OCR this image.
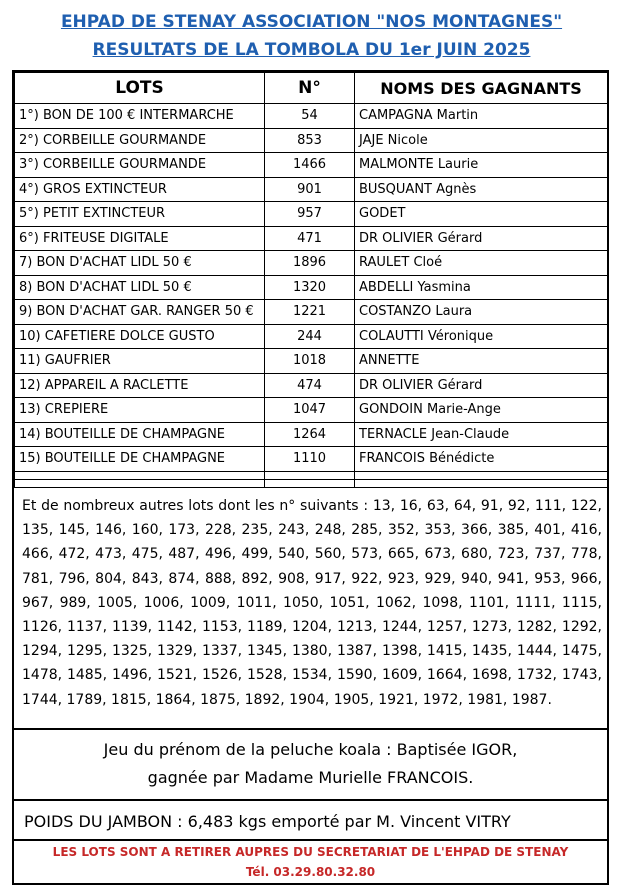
EHPAD DE STENAY ASSOCIATION "NOS MONTAGNES"
RESULTATS DE LA TOMBOLA DU 1er JUIN 2025
LOTS	N°	NOMS DES GAGNANTS
1°) BON DE 100 € INTERMARCHE	54	CAMPAGNA Martin
2°) CORBEILLE GOURMANDE	853	JAJE Nicole
3°) CORBEILLE GOURMANDE	1466	MALMONTE Laurie
4°) GROS EXTINCTEUR	901	BUSQUANT Agnès
5°) PETIT EXTINCTEUR	957	GODET
6°) FRITEUSE DIGITALE	471	DR OLIVIER Gérard
7) BON D'ACHAT LIDL 50 €	1896	RAULET Cloé
8) BON D'ACHAT LIDL 50 €	1320	ABDELLI Yasmina
9) BON D'ACHAT GAR. RANGER 50 €	1221	COSTANZO Laura
10) CAFETIERE DOLCE GUSTO	244	COLAUTTI Véronique
11) GAUFRIER	1018	ANNETTE
12) APPAREIL A RACLETTE	474	DR OLIVIER Gérard
13) CREPIERE	1047	GONDOIN Marie-Ange
14) BOUTEILLE DE CHAMPAGNE	1264	TERNACLE Jean-Claude
15) BOUTEILLE DE CHAMPAGNE	1110	FRANCOIS Bénédicte

Et de nombreux autres lots dont les n° suivants : 13, 16, 63, 64, 91, 92, 111, 122, 135, 145, 146, 160, 173, 228, 235, 243, 248, 285, 352, 353, 366, 385, 401, 416, 466, 472, 473, 475, 487, 496, 499, 540, 560, 573, 665, 673, 680, 723, 737, 778, 781, 796, 804, 843, 874, 888, 892, 908, 917, 922, 923, 929, 940, 941, 953, 966, 967, 989, 1005, 1006, 1009, 1011, 1050, 1051, 1062, 1098, 1101, 1111, 1115, 1126, 1137, 1139, 1142, 1153, 1189, 1204, 1213, 1244, 1257, 1273, 1282, 1292, 1294, 1295, 1325, 1329, 1337, 1345, 1380, 1387, 1398, 1415, 1435, 1444, 1475, 1478, 1485, 1496, 1521, 1526, 1528, 1534, 1590, 1609, 1664, 1698, 1732, 1743, 1744, 1789, 1815, 1864, 1875, 1892, 1904, 1905, 1921, 1972, 1981, 1987.
Jeu du prénom de la peluche koala : Baptisée IGOR,
gagnée par Madame Murielle FRANCOIS.
POIDS DU JAMBON : 6,483 kgs emporté par M. Vincent VITRY
LES LOTS SONT A RETIRER AUPRES DU SECRETARIAT DE L'EHPAD DE STENAY
Tél. 03.29.80.32.80
